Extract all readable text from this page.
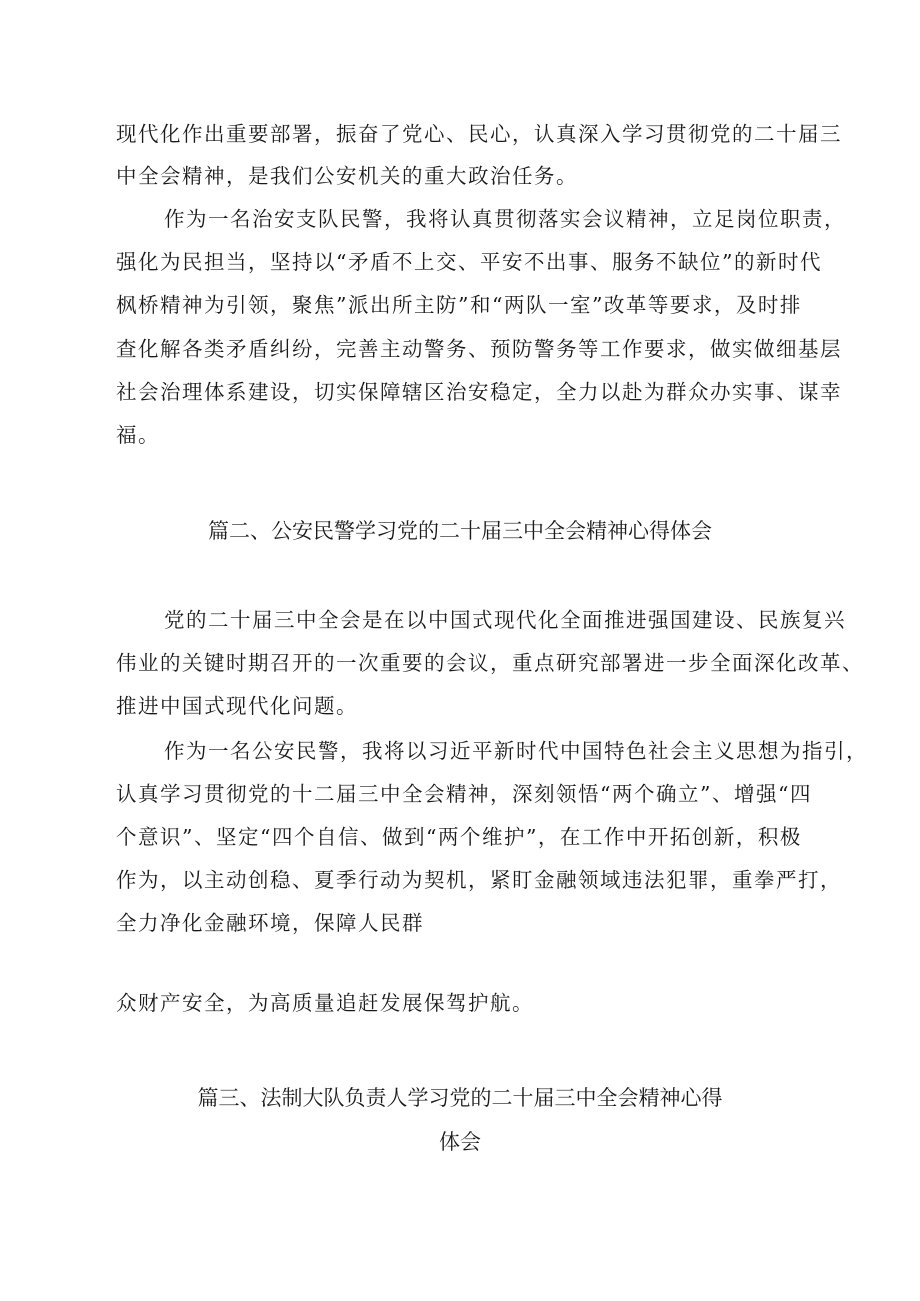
现代化作出重要部署，振奋了党心、民心，认真深入学习贯彻党的二十届三
中全会精神，是我们公安机关的重大政治任务。
作为一名治安支队民警，我将认真贯彻落实会议精神，立足岗位职责，
强化为民担当，坚持以“矛盾不上交、平安不出事、服务不缺位”的新时代
枫桥精神为引领，聚焦”派出所主防”和“两队一室”改革等要求，及时排
查化解各类矛盾纠纷，完善主动警务、预防警务等工作要求，做实做细基层
社会治理体系建设，切实保障辖区治安稳定，全力以赴为群众办实事、谋幸
福。
篇二、公安民警学习党的二十届三中全会精神心得体会
党的二十届三中全会是在以中国式现代化全面推进强国建设、民族复兴
伟业的关键时期召开的一次重要的会议，重点研究部署进一步全面深化改革、
推进中国式现代化问题。
作为一名公安民警，我将以习近平新时代中国特色社会主义思想为指引，
认真学习贯彻党的十二届三中全会精神，深刻领悟“两个确立”、增强“四
个意识”、坚定“四个自信、做到“两个维护”，在工作中开拓创新，积极
作为，以主动创稳、夏季行动为契机，紧盯金融领域违法犯罪，重拳严打，
全力净化金融环境，保障人民群
众财产安全，为高质量追赶发展保驾护航。
篇三、法制大队负责人学习党的二十届三中全会精神心得
体会
